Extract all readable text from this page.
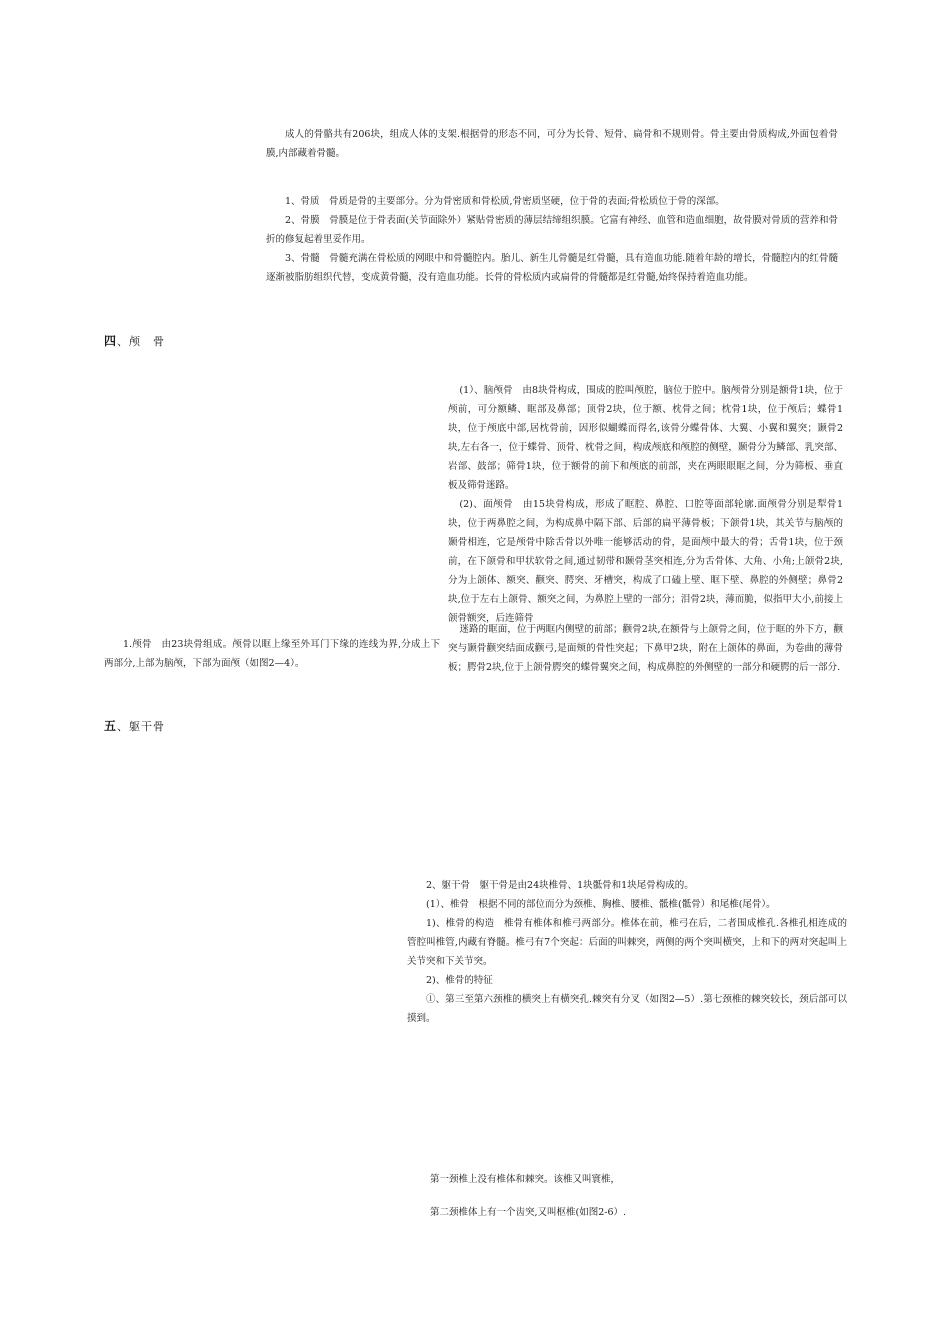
成人的骨骼共有206块，组成人体的支架.根据骨的形态不同，可分为长骨、短骨、扁骨和不规则骨。骨主要由骨质构成,外面包着骨膜,内部藏着骨髓。

1、骨质　骨质是骨的主要部分。分为骨密质和骨松质,骨密质坚硬，位于骨的表面;骨松质位于骨的深部。

2、骨膜　骨膜是位于骨表面(关节面除外）紧贴骨密质的薄层结缔组织膜。它富有神经、血管和造血细胞，故骨膜对骨质的营养和骨折的修复起着里妥作用。

3、骨髓　骨髓充满在骨松质的网眼中和骨髓腔内。胎儿、新生儿骨髓是红骨髓，具有造血功能.随着年龄的增长，骨髓腔内的红骨髓逐渐被脂肪组织代替，变成黄骨髓，没有造血功能。长骨的骨松质内或扁骨的骨髓都是红骨髓,始终保持着造血功能。

四、颅　骨

(1）、脑颅骨　由8块骨构成，围成的腔叫颅腔，脑位于腔中。脑颅骨分别是额骨1块，位于颅前，可分额鳞、眶部及鼻部；顶骨2块，位于额、枕骨之间；枕骨1块，位于颅后；蝶骨1块，位于颅底中部,居枕骨前，因形似蝴蝶而得名,该骨分蝶骨体、大翼、小翼和翼突；颞骨2块,左右各一，位于蝶骨、顶骨、枕骨之间，构成颅底和颅腔的侧壁，颞骨分为鳞部、乳突部、岩部、鼓部；筛骨1块，位于额骨的前下和颅底的前部，夹在两眼眼眶之间，分为筛板、垂直板及筛骨迷路。

(2)、面颅骨　由15块骨构成，形成了眶腔、鼻腔、口腔等面部轮廓.面颅骨分别是犁骨1块，位于两鼻腔之间，为构成鼻中隔下部、后部的扁平薄骨板；下颌骨1块，其关节与脑颅的颞骨相连，它是颅骨中除舌骨以外唯一能够活动的骨，是面颅中最大的骨；舌骨1块，位于颈前，在下颌骨和甲状软骨之间,通过韧带和颞骨茎突相连,分为舌骨体、大角、小角;上颌骨2块,分为上颌体、额突、颧突、腭突、牙槽突，构成了口磕上壁、眶下壁、鼻腔的外侧壁；鼻骨2块,位于左右上颌骨、额突之间，为鼻腔上壁的一部分；泪骨2块，薄而脆，似指甲大小,前接上颌骨额突，后连筛骨

迷路的眶面，位于两眶内侧壁的前部；颧骨2块,在额骨与上颌骨之间，位于眶的外下方，颧突与颞骨颧突结面成颧弓,是面颊的骨性突起；下鼻甲2块，附在上颌体的鼻面，为卷曲的薄骨板；腭骨2块,位于上颌骨腭突的蝶骨翼突之间，构成鼻腔的外侧壁的一部分和硬腭的后一部分.

1.颅骨　由23块骨组成。颅骨以眶上缘至外耳门下缘的连线为界,分成上下两部分,上部为脑颅，下部为面颅（如图2—4）。

五、躯干骨

2、躯干骨　躯干骨是由24块椎骨、1块骶骨和1块尾骨构成的。

(1）、椎骨　根据不同的部位而分为颈椎、胸椎、腰椎、骶椎(骶骨）和尾椎(尾骨）。

1)、椎骨的构造　椎骨有椎体和椎弓两部分。椎体在前，椎弓在后，二者围成椎孔.各椎孔相连成的管腔叫椎管,内藏有脊髓。椎弓有7个突起：后面的叫棘突，两侧的两个突叫横突，上和下的两对突起叫上关节突和下关节突。

2)、椎骨的特征

①、第三至第六颈椎的横突上有横突孔.棘突有分叉（如图2—5）.第七颈椎的棘突较长，颈后部可以摸到。

第一颈椎上没有椎体和棘突。该椎又叫寰椎，

第二颈椎体上有一个齿突,又叫枢椎(如图2-6）.
